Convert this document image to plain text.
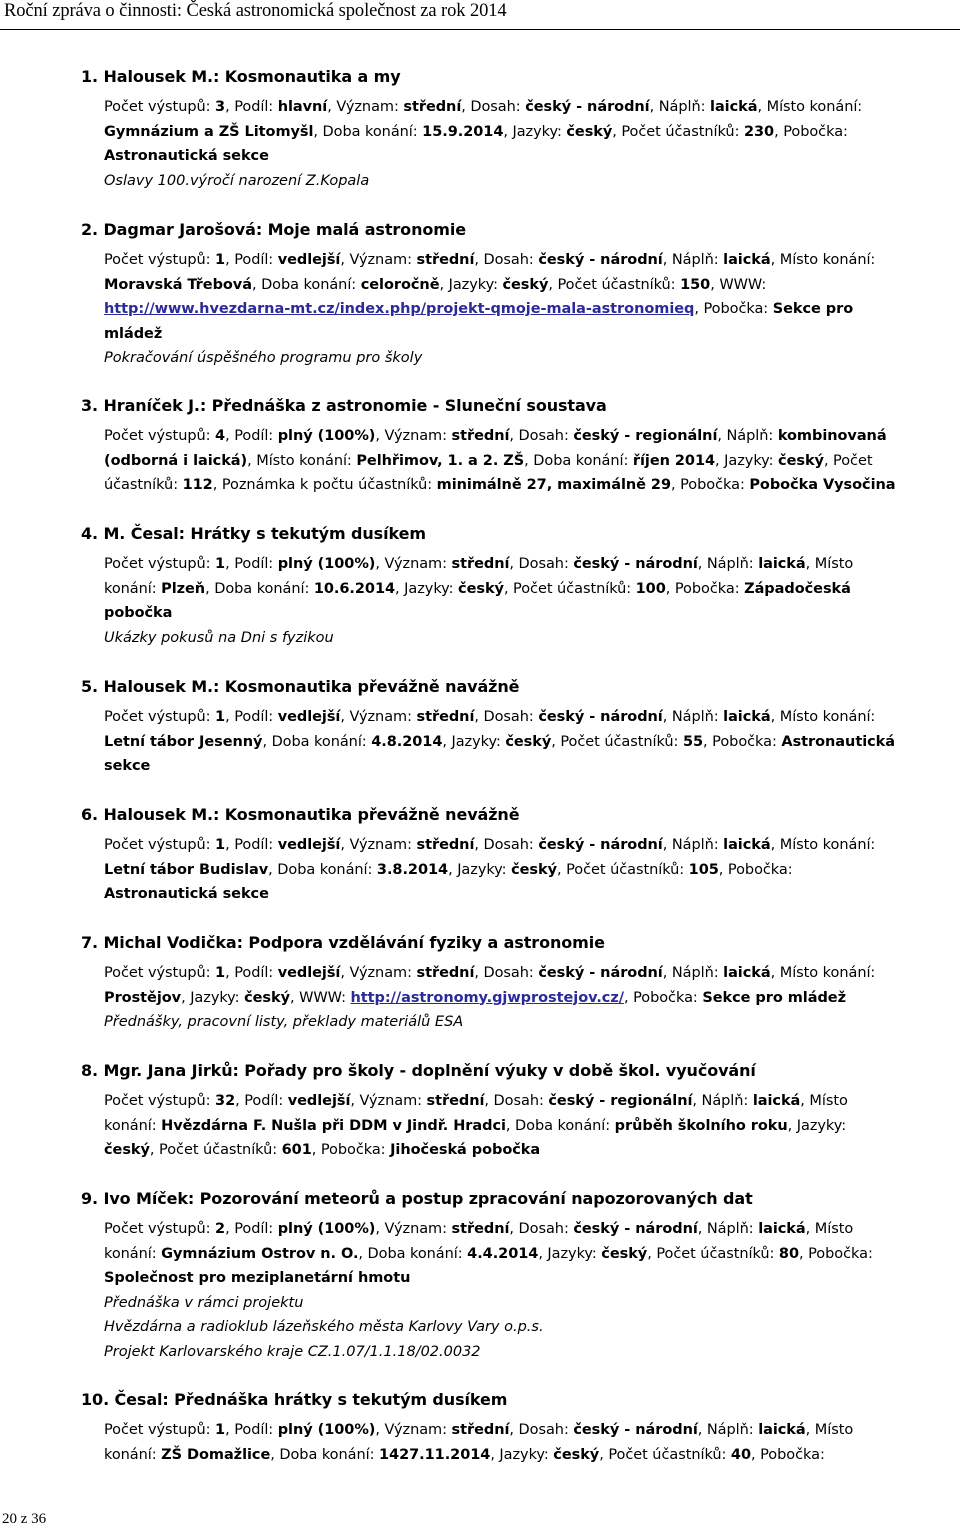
Roční zpráva o činnosti: Česká astronomická společnost za rok 2014
1. Halousek M.: Kosmonautika a my
Počet výstupů: 3, Podíl: hlavní, Význam: střední, Dosah: český - národní, Náplň: laická, Místo konání:
Gymnázium a ZŠ Litomyšl, Doba konání: 15.9.2014, Jazyky: český, Počet účastníků: 230, Pobočka:
Astronautická sekce
Oslavy 100.výročí narození Z.Kopala
2. Dagmar Jarošová: Moje malá astronomie
Počet výstupů: 1, Podíl: vedlejší, Význam: střední, Dosah: český - národní, Náplň: laická, Místo konání:
Moravská Třebová, Doba konání: celoročně, Jazyky: český, Počet účastníků: 150, WWW:
http://www.hvezdarna-mt.cz/index.php/projekt-qmoje-mala-astronomieq, Pobočka: Sekce pro
mládež
Pokračování úspěšného programu pro školy
3. Hraníček J.: Přednáška z astronomie - Sluneční soustava
Počet výstupů: 4, Podíl: plný (100%), Význam: střední, Dosah: český - regionální, Náplň: kombinovaná
(odborná i laická), Místo konání: Pelhřimov, 1. a 2. ZŠ, Doba konání: říjen 2014, Jazyky: český, Počet
účastníků: 112, Poznámka k počtu účastníků: minimálně 27, maximálně 29, Pobočka: Pobočka Vysočina
4. M. Česal: Hrátky s tekutým dusíkem
Počet výstupů: 1, Podíl: plný (100%), Význam: střední, Dosah: český - národní, Náplň: laická, Místo
konání: Plzeň, Doba konání: 10.6.2014, Jazyky: český, Počet účastníků: 100, Pobočka: Západočeská
pobočka
Ukázky pokusů na Dni s fyzikou
5. Halousek M.: Kosmonautika převážně navážně
Počet výstupů: 1, Podíl: vedlejší, Význam: střední, Dosah: český - národní, Náplň: laická, Místo konání:
Letní tábor Jesenný, Doba konání: 4.8.2014, Jazyky: český, Počet účastníků: 55, Pobočka: Astronautická
sekce
6. Halousek M.: Kosmonautika převážně nevážně
Počet výstupů: 1, Podíl: vedlejší, Význam: střední, Dosah: český - národní, Náplň: laická, Místo konání:
Letní tábor Budislav, Doba konání: 3.8.2014, Jazyky: český, Počet účastníků: 105, Pobočka:
Astronautická sekce
7. Michal Vodička: Podpora vzdělávání fyziky a astronomie
Počet výstupů: 1, Podíl: vedlejší, Význam: střední, Dosah: český - národní, Náplň: laická, Místo konání:
Prostějov, Jazyky: český, WWW: http://astronomy.gjwprostejov.cz/, Pobočka: Sekce pro mládež
Přednášky, pracovní listy, překlady materiálů ESA
8. Mgr. Jana Jirků: Pořady pro školy - doplnění výuky v době škol. vyučování
Počet výstupů: 32, Podíl: vedlejší, Význam: střední, Dosah: český - regionální, Náplň: laická, Místo
konání: Hvězdárna F. Nušla při DDM v Jindř. Hradci, Doba konání: průběh školního roku, Jazyky:
český, Počet účastníků: 601, Pobočka: Jihočeská pobočka
9. Ivo Míček: Pozorování meteorů a postup zpracování napozorovaných dat
Počet výstupů: 2, Podíl: plný (100%), Význam: střední, Dosah: český - národní, Náplň: laická, Místo
konání: Gymnázium Ostrov n. O., Doba konání: 4.4.2014, Jazyky: český, Počet účastníků: 80, Pobočka:
Společnost pro meziplanetární hmotu
Přednáška v rámci projektu
Hvězdárna a radioklub lázeňského města Karlovy Vary o.p.s.
Projekt Karlovarského kraje CZ.1.07/1.1.18/02.0032
10. Česal: Přednáška hrátky s tekutým dusíkem
Počet výstupů: 1, Podíl: plný (100%), Význam: střední, Dosah: český - národní, Náplň: laická, Místo
konání: ZŠ Domažlice, Doba konání: 1427.11.2014, Jazyky: český, Počet účastníků: 40, Pobočka:
20 z 36
